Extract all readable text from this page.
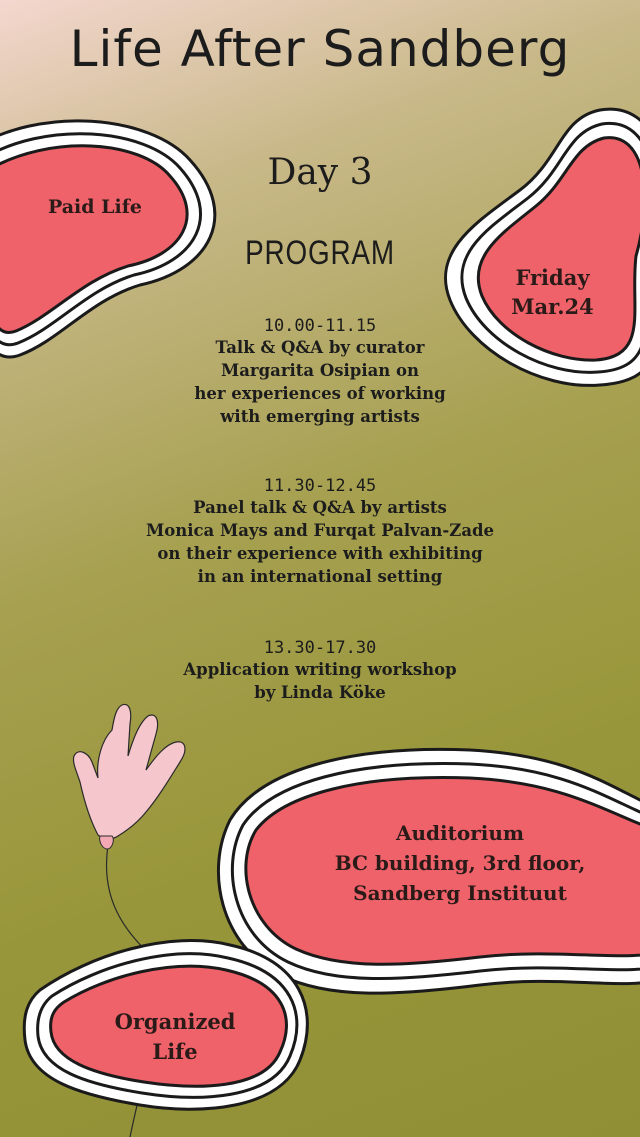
Life After Sandberg
Day 3
PROGRAM
Paid Life
Friday
Mar.24
Auditorium
BC building, 3rd floor,
Sandberg Instituut
Organized
Life
10.00-11.15
Talk & Q&A by curator
Margarita Osipian on
her experiences of working
with emerging artists
11.30-12.45
Panel talk & Q&A by artists
Monica Mays and Furqat Palvan-Zade
on their experience with exhibiting
in an international setting
13.30-17.30
Application writing workshop
by Linda Köke
